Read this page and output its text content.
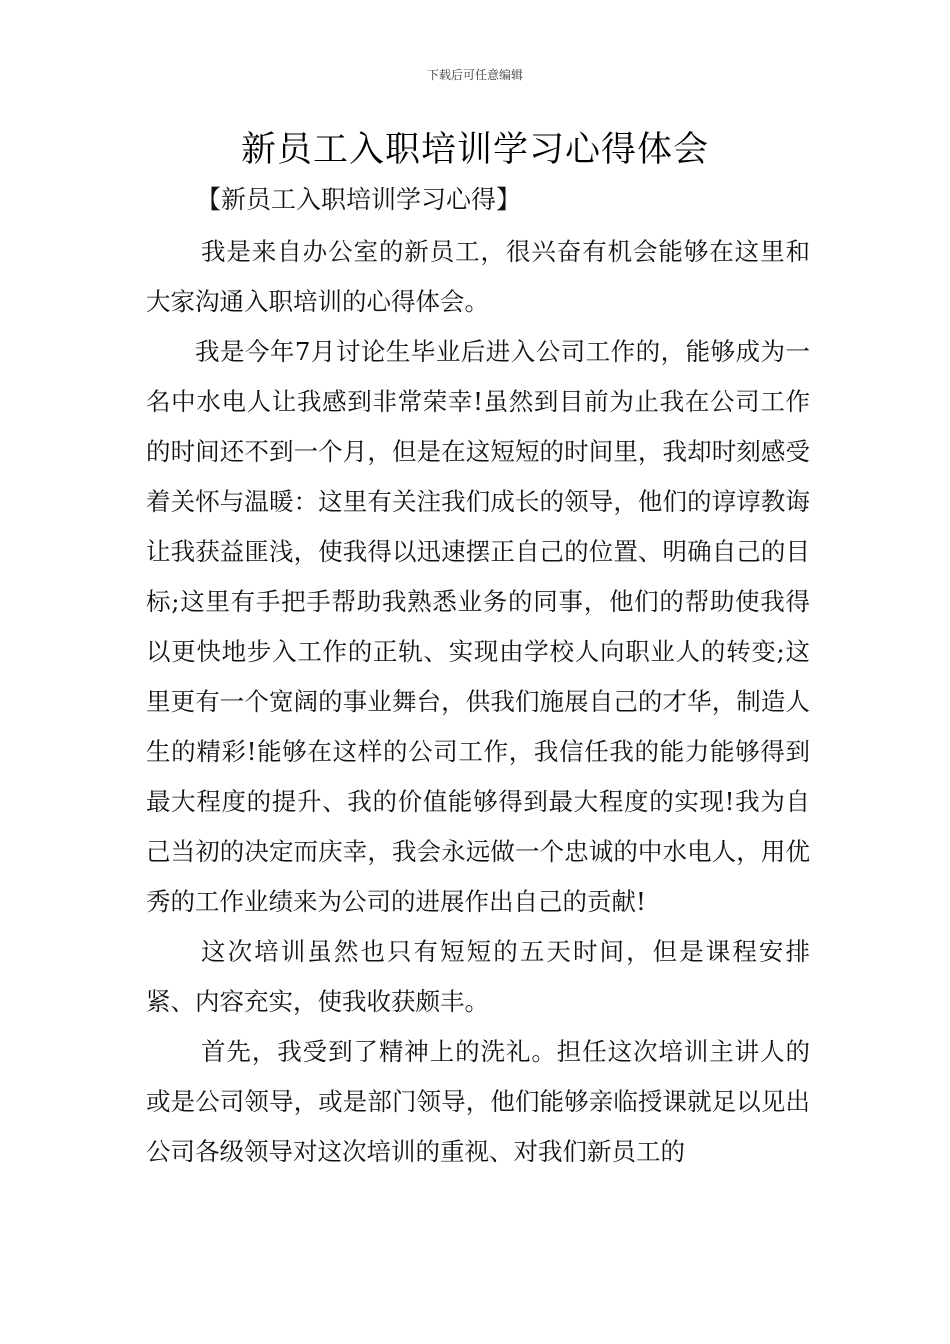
下载后可任意编辑
新员工入职培训学习心得体会
【新员工入职培训学习心得】

我是来自办公室的新员工，很兴奋有机会能够在这里和大家沟通入职培训的心得体会。

我是今年7月讨论生毕业后进入公司工作的，能够成为一名中水电人让我感到非常荣幸!虽然到目前为止我在公司工作的时间还不到一个月，但是在这短短的时间里，我却时刻感受着关怀与温暖：这里有关注我们成长的领导，他们的谆谆教诲让我获益匪浅，使我得以迅速摆正自己的位置、明确自己的目标;这里有手把手帮助我熟悉业务的同事，他们的帮助使我得以更快地步入工作的正轨、实现由学校人向职业人的转变;这里更有一个宽阔的事业舞台，供我们施展自己的才华，制造人生的精彩!能够在这样的公司工作，我信任我的能力能够得到最大程度的提升、我的价值能够得到最大程度的实现!我为自己当初的决定而庆幸，我会永远做一个忠诚的中水电人，用优秀的工作业绩来为公司的进展作出自己的贡献!

这次培训虽然也只有短短的五天时间，但是课程安排紧、内容充实，使我收获颇丰。

首先，我受到了精神上的洗礼。担任这次培训主讲人的或是公司领导，或是部门领导，他们能够亲临授课就足以见出公司各级领导对这次培训的重视、对我们新员工的
